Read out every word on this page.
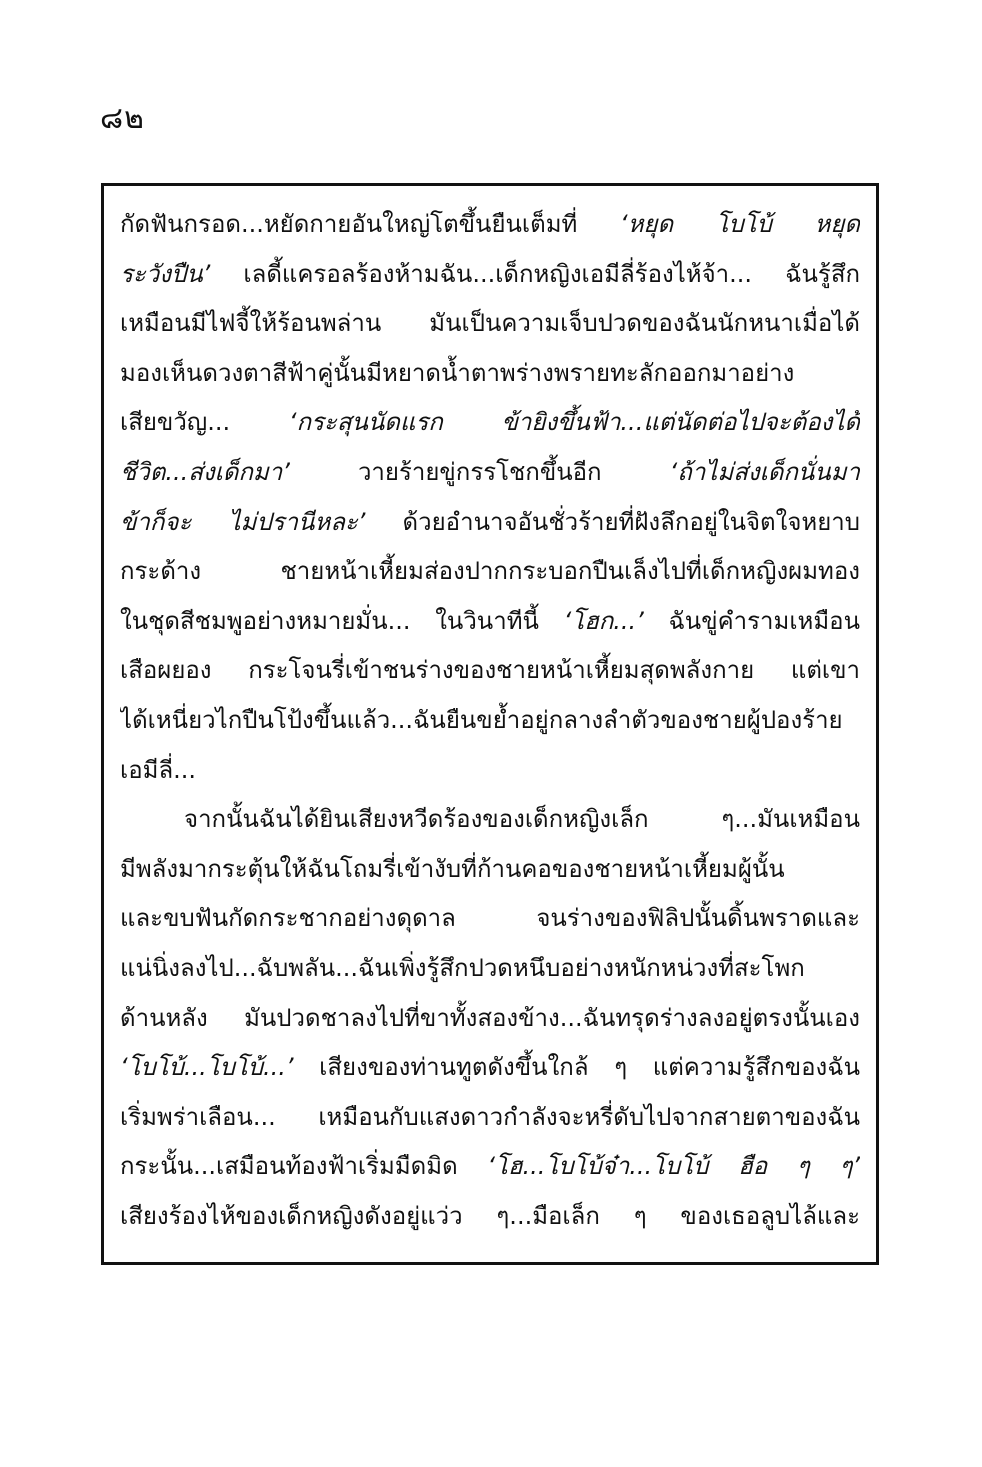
๘๒
กัดฟันกรอด...หยัดกายอันใหญ่โตขึ้นยืนเต็มที่ ‘หยุด โบโบ้ หยุด
ระวังปืน’ เลดี้แครอลร้องห้ามฉัน...เด็กหญิงเอมีลี่ร้องไห้จ้า... ฉันรู้สึก
เหมือนมีไฟจี้ให้ร้อนพล่าน มันเป็นความเจ็บปวดของฉันนักหนาเมื่อได้
มองเห็นดวงตาสีฟ้าคู่นั้นมีหยาดน้ำตาพร่างพรายทะลักออกมาอย่าง
เสียขวัญ... ‘กระสุนนัดแรก ข้ายิงขึ้นฟ้า...แต่นัดต่อไปจะต้องได้
ชีวิต...ส่งเด็กมา’ วายร้ายขู่กรรโชกขึ้นอีก ‘ถ้าไม่ส่งเด็กนั่นมา
ข้าก็จะ ไม่ปรานีหละ’ ด้วยอำนาจอันชั่วร้ายที่ฝังลึกอยู่ในจิตใจหยาบ
กระด้าง ชายหน้าเหี้ยมส่องปากกระบอกปืนเล็งไปที่เด็กหญิงผมทอง
ในชุดสีชมพูอย่างหมายมั่น... ในวินาทีนี้ ‘โฮก...’ ฉันขู่คำรามเหมือน
เสือผยอง กระโจนรี่เข้าชนร่างของชายหน้าเหี้ยมสุดพลังกาย แต่เขา
ได้เหนี่ยวไกปืนโป้งขึ้นแล้ว...ฉันยืนขย้ำอยู่กลางลำตัวของชายผู้ปองร้าย
เอมีลี่...
จากนั้นฉันได้ยินเสียงหวีดร้องของเด็กหญิงเล็ก ๆ...มันเหมือน
มีพลังมากระตุ้นให้ฉันโถมรี่เข้างับที่ก้านคอของชายหน้าเหี้ยมผู้นั้น
และขบฟันกัดกระชากอย่างดุดาล จนร่างของฟิลิปนั้นดิ้นพราดและ
แน่นิ่งลงไป...ฉับพลัน...ฉันเพิ่งรู้สึกปวดหนึบอย่างหนักหน่วงที่สะโพก
ด้านหลัง มันปวดชาลงไปที่ขาทั้งสองข้าง...ฉันทรุดร่างลงอยู่ตรงนั้นเอง
‘โบโบ้...โบโบ้...’ เสียงของท่านทูตดังขึ้นใกล้ ๆ แต่ความรู้สึกของฉัน
เริ่มพร่าเลือน... เหมือนกับแสงดาวกำลังจะหรี่ดับไปจากสายตาของฉัน
กระนั้น...เสมือนท้องฟ้าเริ่มมืดมิด ‘โฮ...โบโบ้จ๋า...โบโบ้ ฮือ ๆ ๆ’
เสียงร้องไห้ของเด็กหญิงดังอยู่แว่ว ๆ...มือเล็ก ๆ ของเธอลูบไล้และ
